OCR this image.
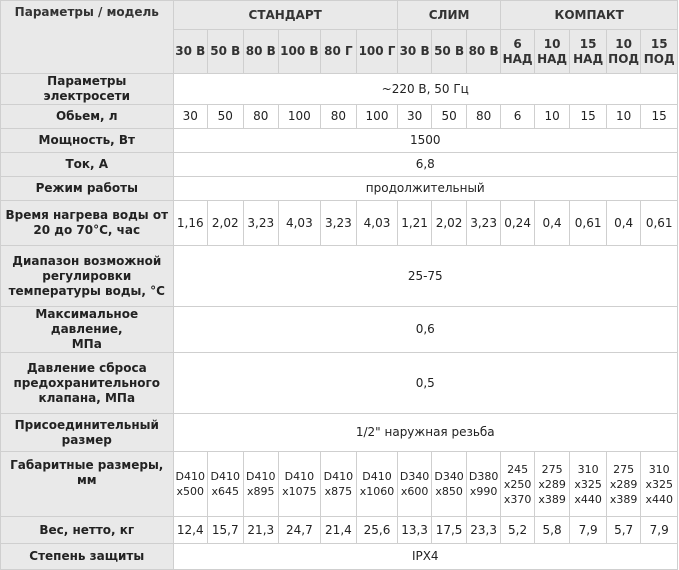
Параметры / модель	СТАНДАРТ						СЛИМ			КОМПАКТ				
	30 В	50 В	80 В	100 В	80 Г	100 Г	30 В	50 В	80 В	6
НАД	10
НАД	15
НАД	10
ПОД	15
ПОД
Параметры электросети	~220 В, 50 Гц													
Обьем, л	30	50	80	100	80	100	30	50	80	6	10	15	10	15
Мощность, Вт	1500													
Ток, А	6,8													
Режим работы	продолжительный													
Время нагрева воды от
20 до 70°С, час	1,16	2,02	3,23	4,03	3,23	4,03	1,21	2,02	3,23	0,24	0,4	0,61	0,4	0,61
Диапазон возможной
регулировки
температуры воды, °С	25-75													
Максимальное давление,
МПа	0,6													
Давление сброса
предохранительного
клапана, МПа	0,5													
Присоединительный
размер	1/2" наружная резьба													
Габаритные размеры, мм	D410
x500	D410
x645	D410
x895	D410
x1075	D410
x875	D410
x1060	D340
x600	D340
x850	D380
x990	245
x250
x370	275
x289
x389	310
x325
x440	275
x289
x389	310
x325
x440
Вес, нетто, кг	12,4	15,7	21,3	24,7	21,4	25,6	13,3	17,5	23,3	5,2	5,8	7,9	5,7	7,9
Степень защиты	IPX4													
